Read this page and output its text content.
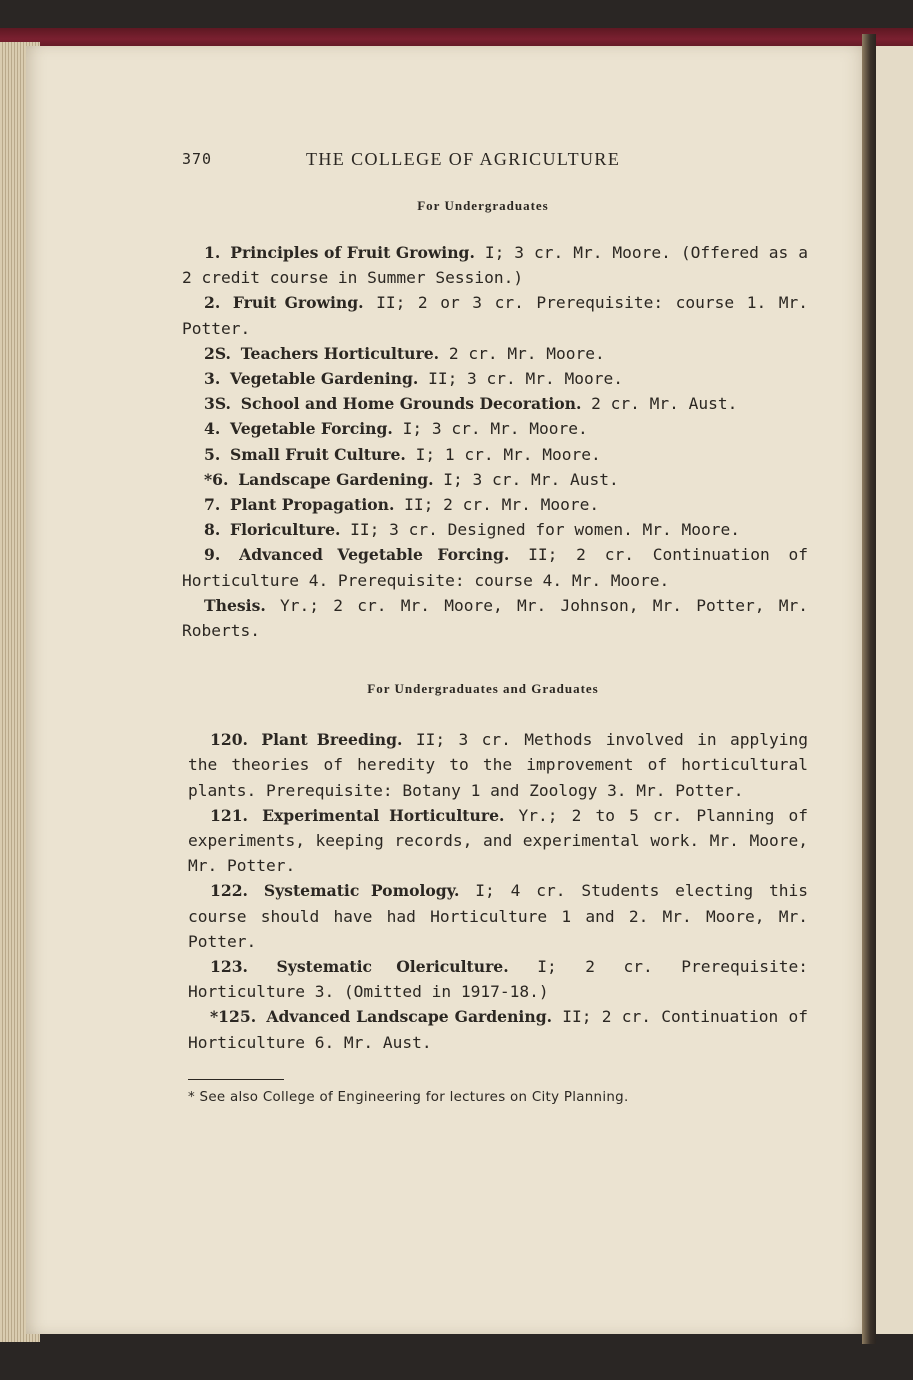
370	THE COLLEGE OF AGRICULTURE
For Undergraduates

1. Principles of Fruit Growing. I; 3 cr. Mr. Moore. (Offered as a 2 credit course in Summer Session.)

2. Fruit Growing. II; 2 or 3 cr. Prerequisite: course 1. Mr. Potter.

2S. Teachers Horticulture. 2 cr. Mr. Moore.

3. Vegetable Gardening. II; 3 cr. Mr. Moore.

3S. School and Home Grounds Decoration. 2 cr. Mr. Aust.

4. Vegetable Forcing. I; 3 cr. Mr. Moore.

5. Small Fruit Culture. I; 1 cr. Mr. Moore.

*6. Landscape Gardening. I; 3 cr. Mr. Aust.

7. Plant Propagation. II; 2 cr. Mr. Moore.

8. Floriculture. II; 3 cr. Designed for women. Mr. Moore.

9. Advanced Vegetable Forcing. II; 2 cr. Continuation of Horticulture 4. Prerequisite: course 4. Mr. Moore.

Thesis. Yr.; 2 cr. Mr. Moore, Mr. Johnson, Mr. Potter, Mr. Roberts.

For Undergraduates and Graduates

120. Plant Breeding. II; 3 cr. Methods involved in applying the theories of heredity to the improvement of horticultural plants. Prerequisite: Botany 1 and Zoology 3. Mr. Potter.

121. Experimental Horticulture. Yr.; 2 to 5 cr. Planning of experiments, keeping records, and experimental work. Mr. Moore, Mr. Potter.

122. Systematic Pomology. I; 4 cr. Students electing this course should have had Horticulture 1 and 2. Mr. Moore, Mr. Potter.

123. Systematic Olericulture. I; 2 cr. Prerequisite: Horticulture 3. (Omitted in 1917-18.)

*125. Advanced Landscape Gardening. II; 2 cr. Continuation of Horticulture 6. Mr. Aust.

* See also College of Engineering for lectures on City Planning.
